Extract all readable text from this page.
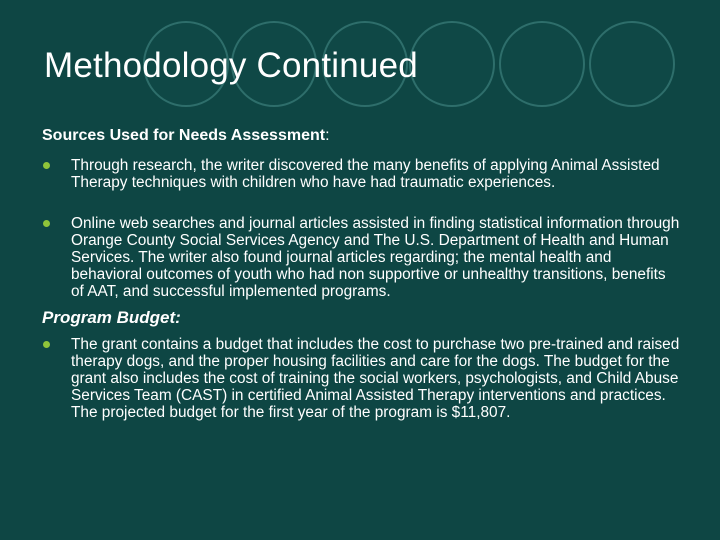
Methodology Continued

Sources Used for Needs Assessment:

Through research, the writer discovered the many benefits of applying Animal Assisted Therapy techniques with children who have had traumatic experiences.
Online web searches and journal articles assisted in finding statistical information through Orange County Social Services Agency and The U.S. Department of Health and Human Services. The writer also found journal articles regarding; the mental health and behavioral outcomes of youth who had non supportive or unhealthy transitions, benefits of AAT, and successful implemented programs.

Program Budget:

The grant contains a budget that includes the cost to purchase two pre-trained and raised therapy dogs, and the proper housing facilities and care for the dogs. The budget for the grant also includes the cost of training the social workers, psychologists, and Child Abuse Services Team (CAST) in certified Animal Assisted Therapy interventions and practices. The projected budget for the first year of the program is $11,807.
